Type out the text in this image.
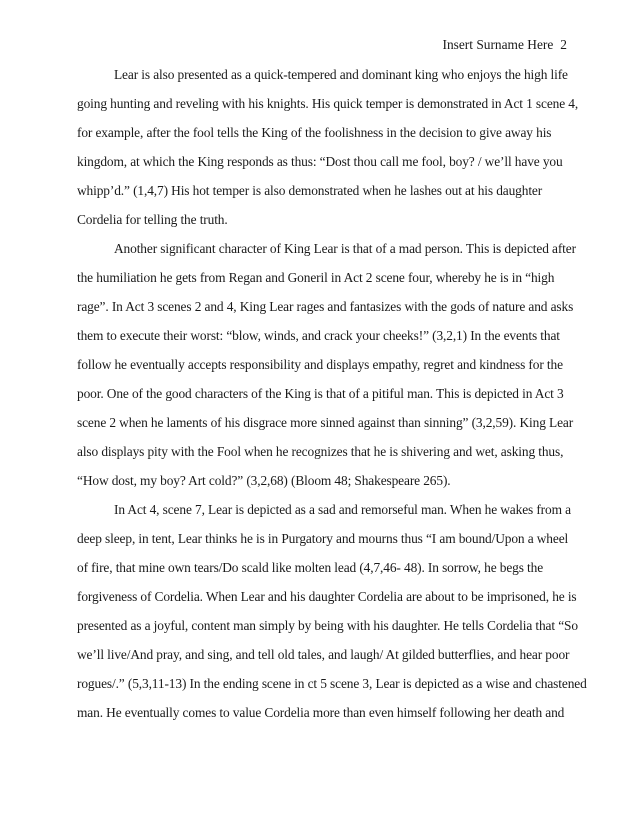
Insert Surname Here 2
Lear is also presented as a quick-tempered and dominant king who enjoys the high life
going hunting and reveling with his knights. His quick temper is demonstrated in Act 1 scene 4,
for example, after the fool tells the King of the foolishness in the decision to give away his
kingdom, at which the King responds as thus: “Dost thou call me fool, boy? / we’ll have you
whipp’d.” (1,4,7) His hot temper is also demonstrated when he lashes out at his daughter
Cordelia for telling the truth.
Another significant character of King Lear is that of a mad person. This is depicted after
the humiliation he gets from Regan and Goneril in Act 2 scene four, whereby he is in “high
rage”. In Act 3 scenes 2 and 4, King Lear rages and fantasizes with the gods of nature and asks
them to execute their worst: “blow, winds, and crack your cheeks!” (3,2,1) In the events that
follow he eventually accepts responsibility and displays empathy, regret and kindness for the
poor. One of the good characters of the King is that of a pitiful man. This is depicted in Act 3
scene 2 when he laments of his disgrace more sinned against than sinning” (3,2,59). King Lear
also displays pity with the Fool when he recognizes that he is shivering and wet, asking thus,
“How dost, my boy? Art cold?” (3,2,68) (Bloom 48; Shakespeare 265).
In Act 4, scene 7, Lear is depicted as a sad and remorseful man. When he wakes from a
deep sleep, in tent, Lear thinks he is in Purgatory and mourns thus “I am bound/Upon a wheel
of fire, that mine own tears/Do scald like molten lead (4,7,46- 48). In sorrow, he begs the
forgiveness of Cordelia. When Lear and his daughter Cordelia are about to be imprisoned, he is
presented as a joyful, content man simply by being with his daughter. He tells Cordelia that “So
we’ll live/And pray, and sing, and tell old tales, and laugh/ At gilded butterflies, and hear poor
rogues/.” (5,3,11-13) In the ending scene in ct 5 scene 3, Lear is depicted as a wise and chastened
man. He eventually comes to value Cordelia more than even himself following her death and
